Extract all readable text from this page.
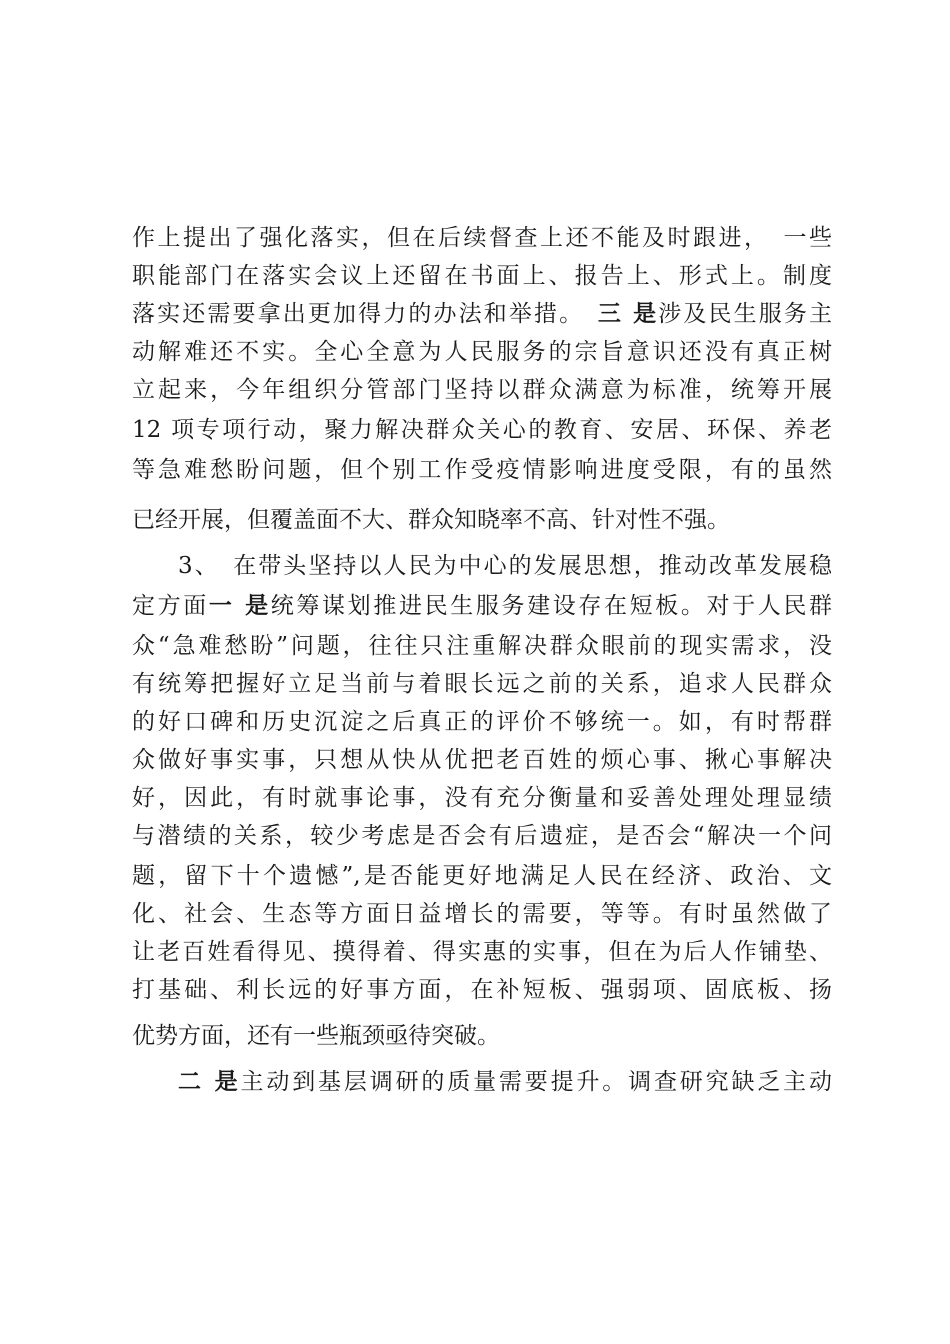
作上提出了强化落实，但在后续督查上还不能及时跟进，　一些
职能部门在落实会议上还留在书面上、报告上、形式上。制度
落实还需要拿出更加得力的办法和举措。　 三 是涉及民生服务主
动解难还不实。全心全意为人民服务的宗旨意识还没有真正树
立起来，今年组织分管部门坚持以群众满意为标准，统筹开展
12 项专项行动，聚力解决群众关心的教育、安居、环保、养老
等急难愁盼问题，但个别工作受疫情影响进度受限，有的虽然
已经开展，但覆盖面不大、群众知晓率不高、针对性不强。
3、　在带头坚持以人民为中心的发展思想，推动改革发展稳
定方面一 是统筹谋划推进民生服务建设存在短板。对于人民群
众“急难愁盼”问题，往往只注重解决群众眼前的现实需求，没
有统筹把握好立足当前与着眼长远之前的关系，追求人民群众
的好口碑和历史沉淀之后真正的评价不够统一。如，有时帮群
众做好事实事，只想从快从优把老百姓的烦心事、揪心事解决
好，因此，有时就事论事，没有充分衡量和妥善处理处理显绩
与潜绩的关系，较少考虑是否会有后遗症，是否会“解决一个问
题，留下十个遗憾”,是否能更好地满足人民在经济、政治、文
化、社会、生态等方面日益增长的需要，等等。有时虽然做了
让老百姓看得见、摸得着、得实惠的实事，但在为后人作铺垫、
打基础、利长远的好事方面，在补短板、强弱项、固底板、扬
优势方面，还有一些瓶颈亟待突破。
二 是主动到基层调研的质量需要提升。调查研究缺乏主动
